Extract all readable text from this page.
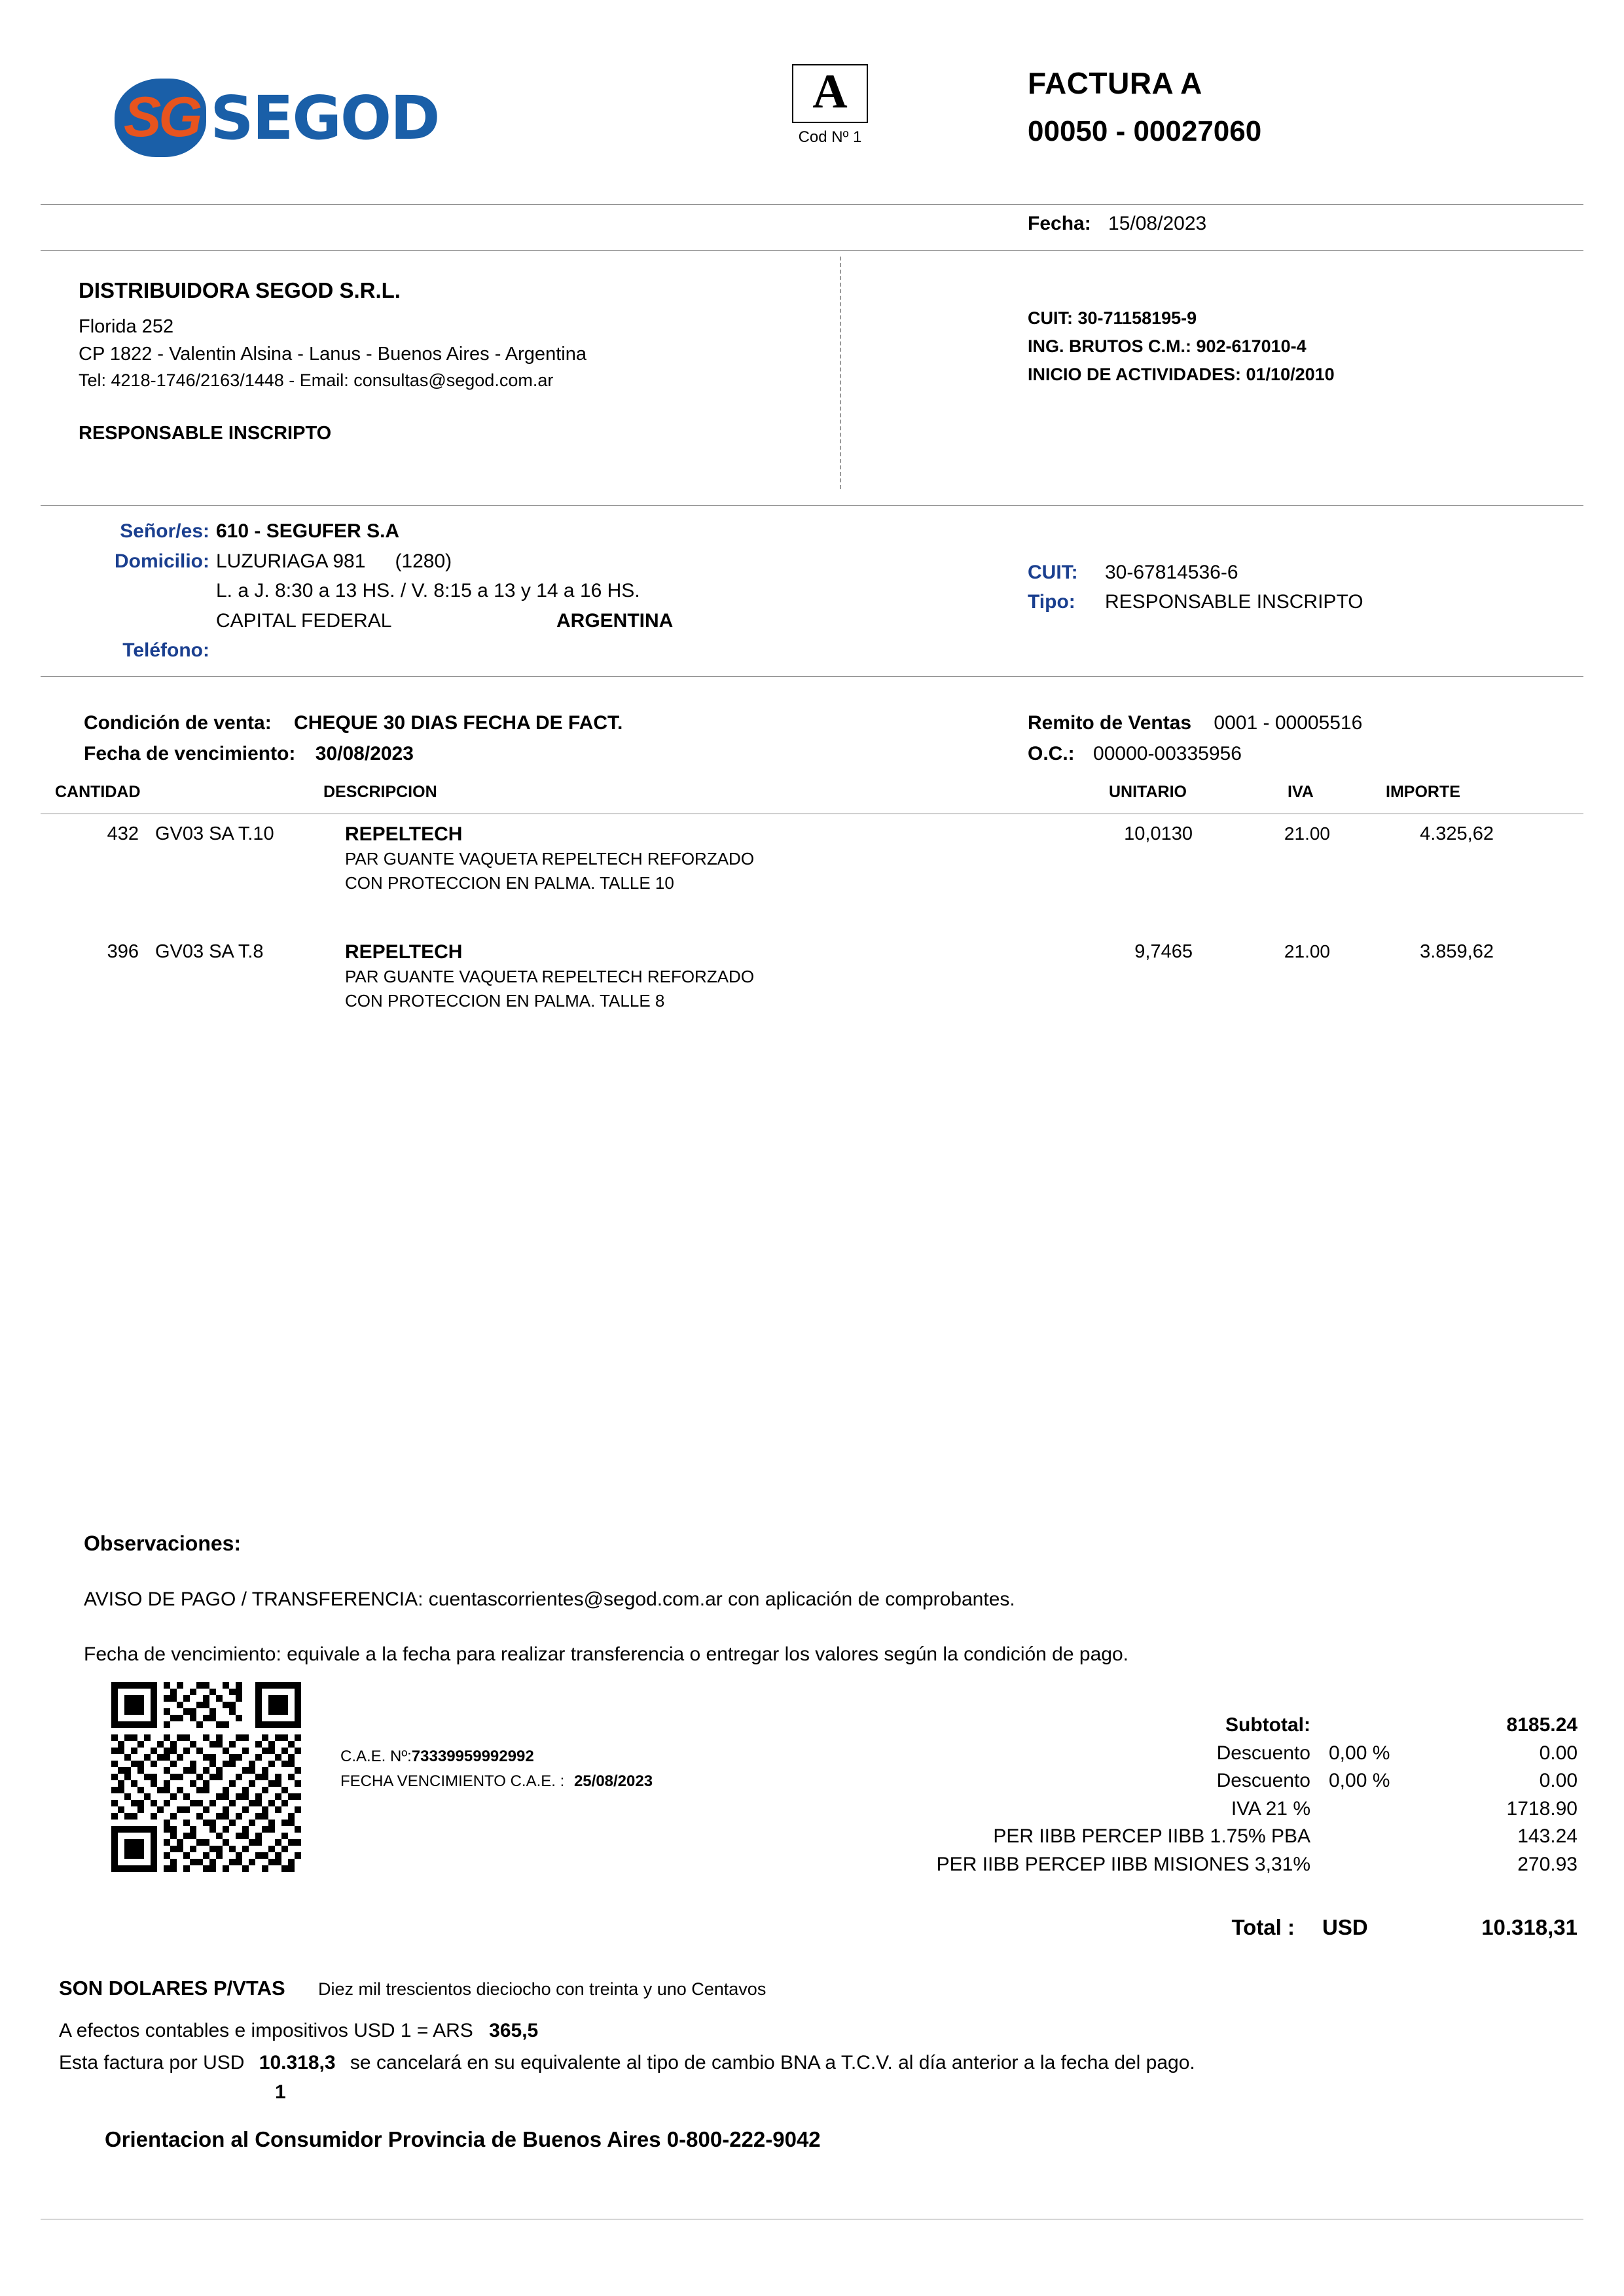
SG SEGOD	A
Cod Nº 1
FACTURA A
00050 - 00027060
Fecha: 15/08/2023
DISTRIBUIDORA SEGOD S.R.L.
Florida 252
CP 1822 - Valentin Alsina - Lanus - Buenos Aires - Argentina
Tel: 4218-1746/2163/1448 - Email: consultas@segod.com.ar
RESPONSABLE INSCRIPTO
CUIT: 30-71158195-9
ING. BRUTOS C.M.: 902-617010-4
INICIO DE ACTIVIDADES: 01/10/2010
Señor/es: 610 - SEGUFER S.A
Domicilio: LUZURIAGA 981 (1280)
L. a J. 8:30 a 13 HS. / V. 8:15 a 13 y 14 a 16 HS.
CAPITAL FEDERAL	ARGENTINA
Teléfono:
CUIT:	30-67814536-6
Tipo:	RESPONSABLE INSCRIPTO
Condición de venta: CHEQUE 30 DIAS FECHA DE FACT.
Fecha de vencimiento: 30/08/2023
Remito de Ventas 0001 - 00005516
O.C.: 00000-00335956
CANTIDAD	DESCRIPCION	UNITARIO	IVA	IMPORTE
432 GV03 SA T.10	REPELTECH
PAR GUANTE VAQUETA REPELTECH REFORZADO
CON PROTECCION EN PALMA. TALLE 10
10,0130	21.00	4.325,62
396 GV03 SA T.8	REPELTECH
PAR GUANTE VAQUETA REPELTECH REFORZADO
CON PROTECCION EN PALMA. TALLE 8
9,7465	21.00	3.859,62
Observaciones:
AVISO DE PAGO / TRANSFERENCIA: cuentascorrientes@segod.com.ar con aplicación de comprobantes.
Fecha de vencimiento: equivale a la fecha para realizar transferencia o entregar los valores según la condición de pago.
C.A.E. Nº:73339959992992
FECHA VENCIMIENTO C.A.E. : 25/08/2023
Subtotal:	8185.24
Descuento 0,00 %	0.00
Descuento 0,00 %	0.00
IVA 21 %	1718.90
PER IIBB PERCEP IIBB 1.75% PBA	143.24
PER IIBB PERCEP IIBB MISIONES 3,31%	270.93
Total :	USD	10.318,31
SON DOLARES P/VTAS Diez mil trescientos dieciocho con treinta y uno Centavos
A efectos contables e impositivos USD 1 = ARS 365,5
Esta factura por USD 10.318,3 se cancelará en su equivalente al tipo de cambio BNA a T.C.V. al día anterior a la fecha del pago.
1
Orientacion al Consumidor Provincia de Buenos Aires 0-800-222-9042
